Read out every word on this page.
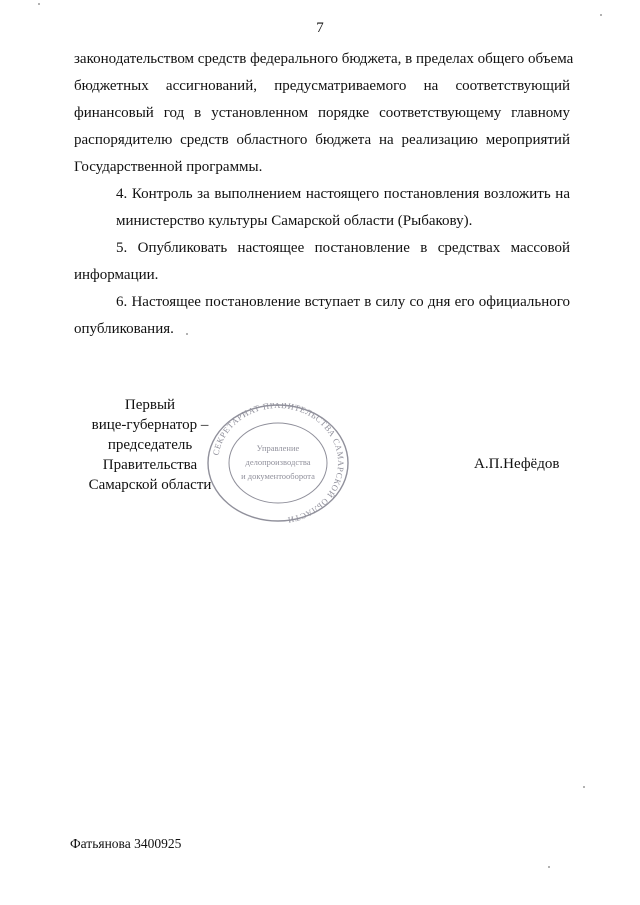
7

законодательством средств федерального бюджета, в пределах общего объема
бюджетных ассигнований, предусматриваемого на соответствующий
финансовый год в установленном порядке соответствующему главному
распорядителю средств областного бюджета на реализацию мероприятий
Государственной программы.

4. Контроль за выполнением настоящего постановления возложить на
министерство культуры Самарской области (Рыбакову).

5. Опубликовать настоящее постановление в средствах массовой
информации.

6. Настоящее постановление вступает в силу со дня его официального
опубликования.

Первый
вице-губернатор –
председатель Правительства
Самарской области
СЕКРЕТАРИАТ ПРАВИТЕЛЬСТВА САМАРСКОЙ ОБЛАСТИ
Управление
делопроизводства
и документооборота
А.П.Нефёдов
Фатьянова 3400925
